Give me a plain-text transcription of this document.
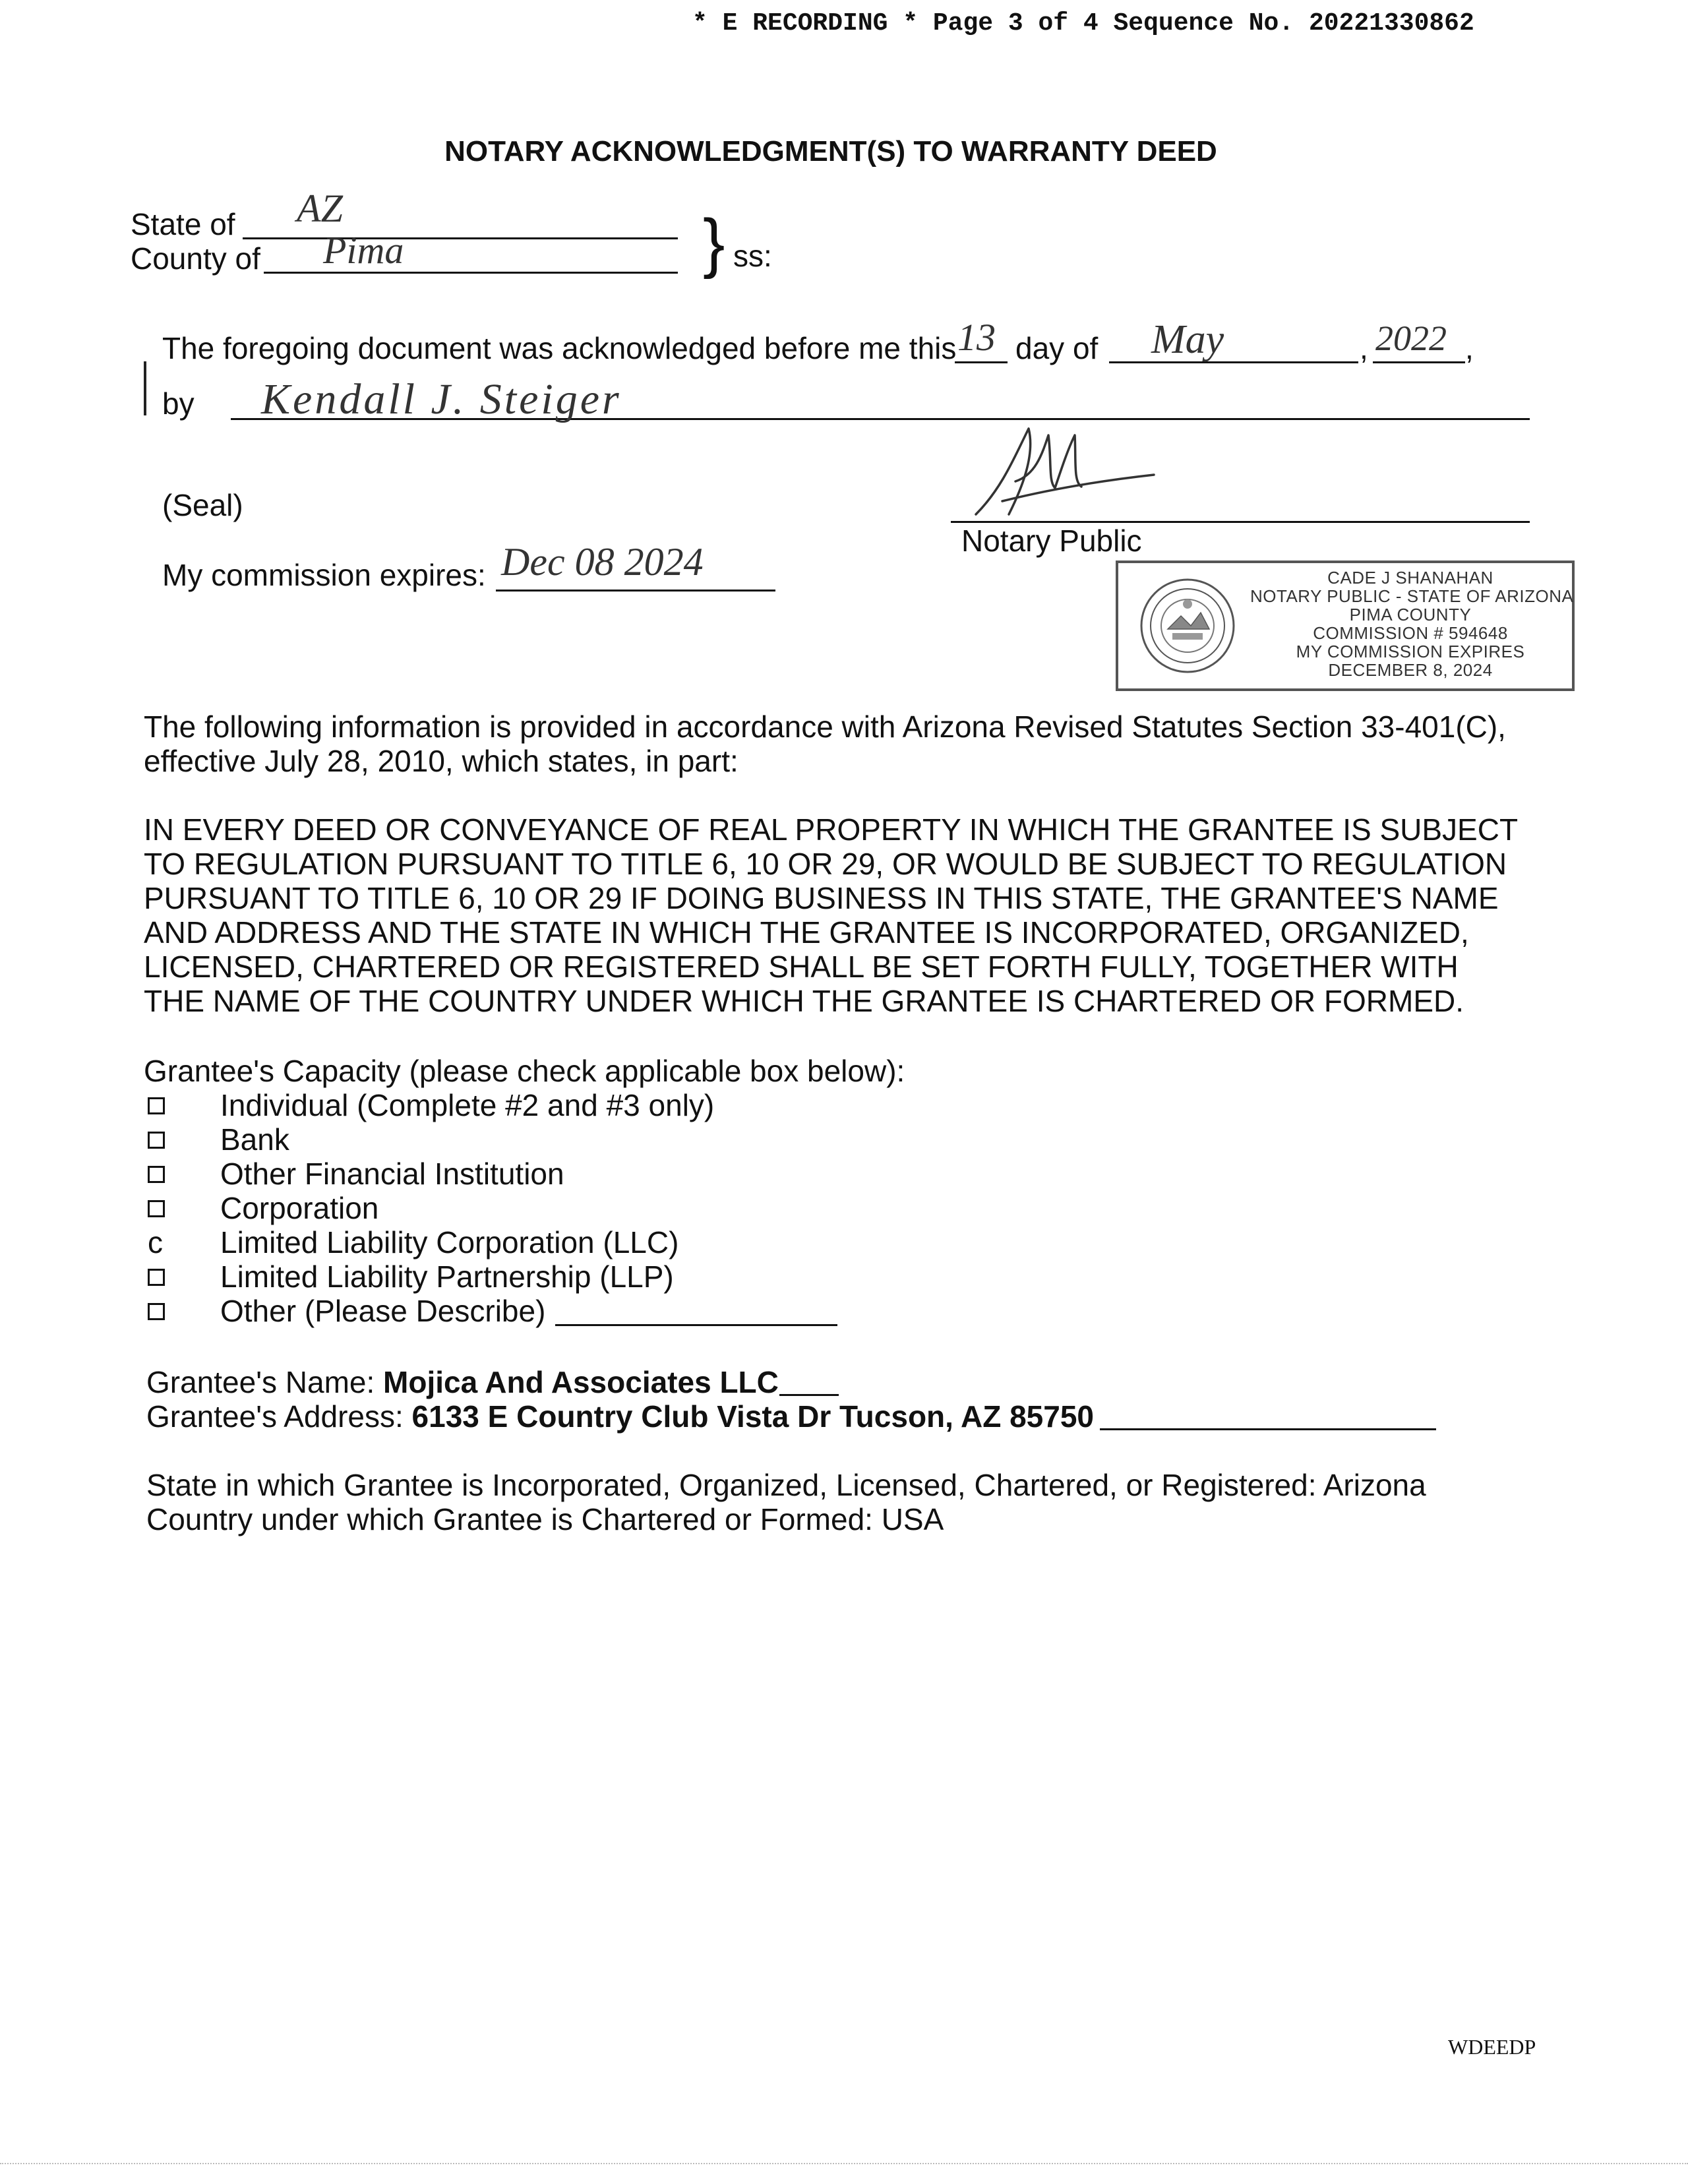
* E RECORDING * Page 3 of 4 Sequence No. 20221330862
NOTARY ACKNOWLEDGMENT(S) TO WARRANTY DEED
State of AZ
County of Pima	} ss:
The foregoing document was acknowledged before me this 13 day of May	, 2022 ,
by Kendall J. Steiger
Notary Public
(Seal)
My commission expires: Dec 08 2024	CADE J SHANAHAN
NOTARY PUBLIC - STATE OF ARIZONA
PIMA COUNTY
COMMISSION # 594648
MY COMMISSION EXPIRES
DECEMBER 8, 2024
The following information is provided in accordance with Arizona Revised Statutes Section 33-401(C),
effective July 28, 2010, which states, in part:
IN EVERY DEED OR CONVEYANCE OF REAL PROPERTY IN WHICH THE GRANTEE IS SUBJECT
TO REGULATION PURSUANT TO TITLE 6, 10 OR 29, OR WOULD BE SUBJECT TO REGULATION
PURSUANT TO TITLE 6, 10 OR 29 IF DOING BUSINESS IN THIS STATE, THE GRANTEE'S NAME
AND ADDRESS AND THE STATE IN WHICH THE GRANTEE IS INCORPORATED, ORGANIZED,
LICENSED, CHARTERED OR REGISTERED SHALL BE SET FORTH FULLY, TOGETHER WITH
THE NAME OF THE COUNTRY UNDER WHICH THE GRANTEE IS CHARTERED OR FORMED.
Grantee's Capacity (please check applicable box below):
Individual (Complete #2 and #3 only)
Bank
Other Financial Institution
Corporation
c Limited Liability Corporation (LLC)
Limited Liability Partnership (LLP)
Other (Please Describe)
Grantee's Name: Mojica And Associates LLC
Grantee's Address: 6133 E Country Club Vista Dr Tucson, AZ 85750
State in which Grantee is Incorporated, Organized, Licensed, Chartered, or Registered: Arizona
Country under which Grantee is Chartered or Formed: USA
WDEEDP
